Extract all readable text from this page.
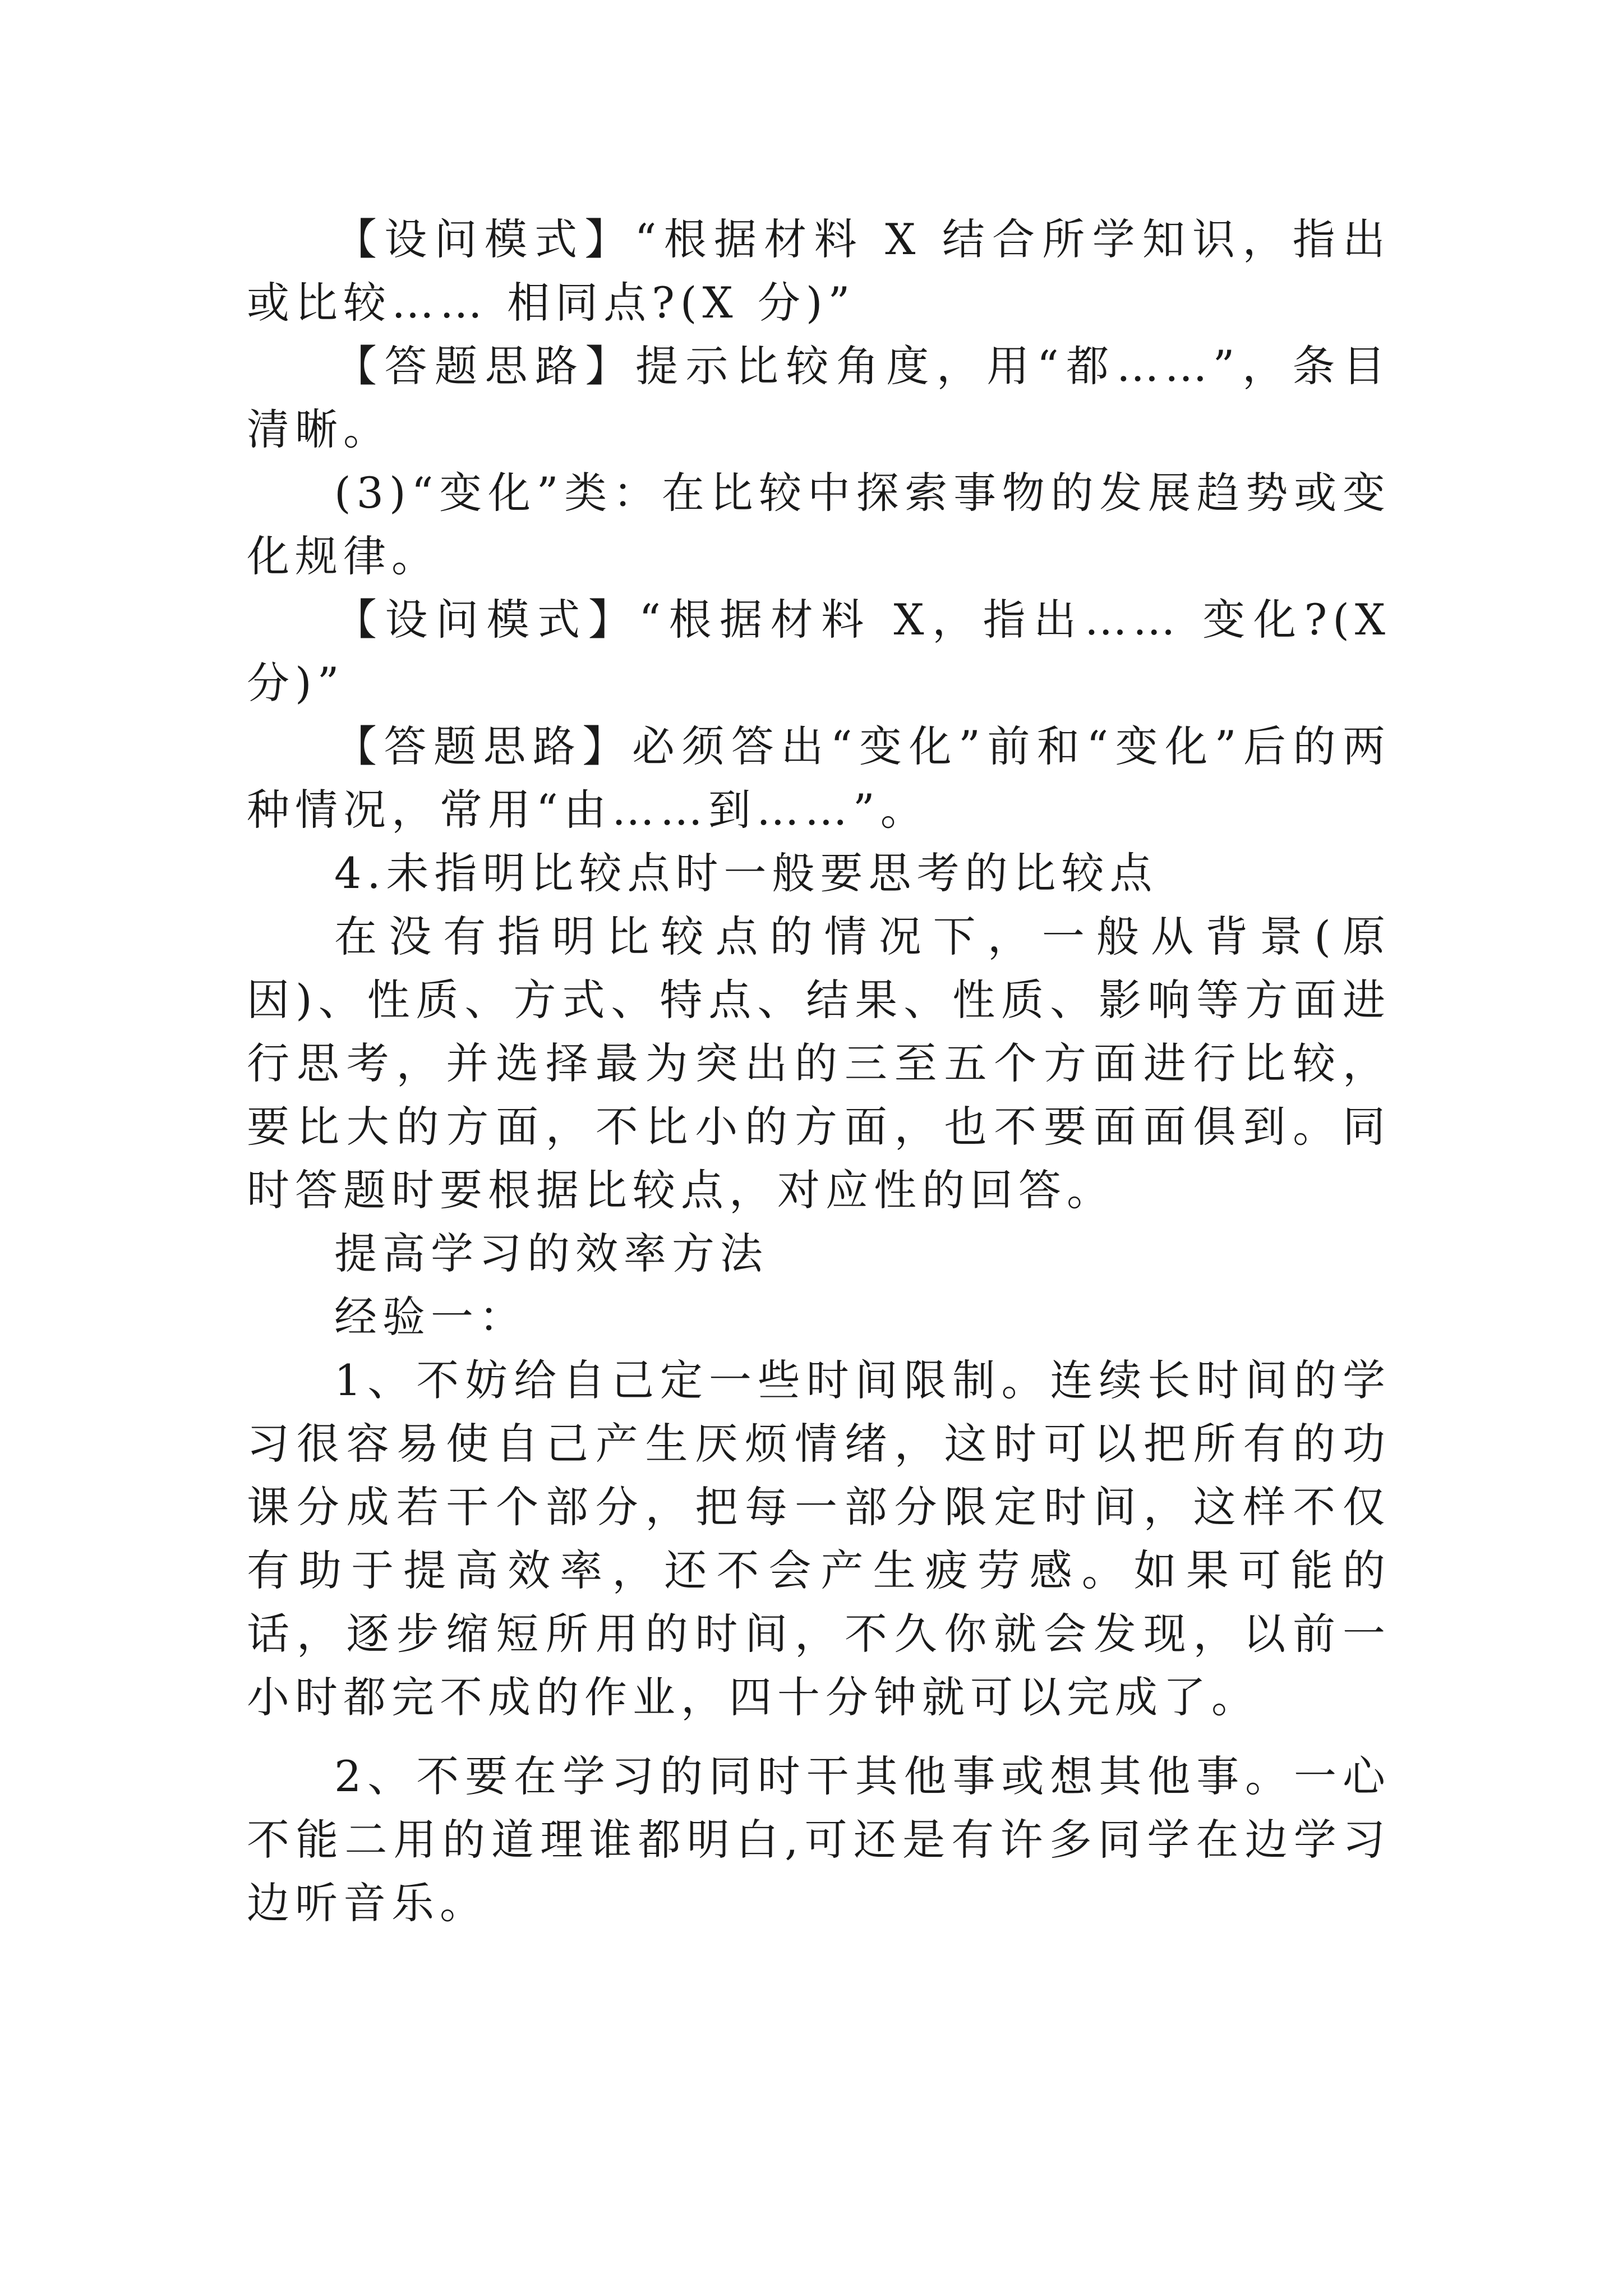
【设问模式】“根据材料 X 结合所学知识，指出或比较…… 相同点?(X 分)”

【答题思路】提示比较角度，用“都……”，条目清晰。

(3)“变化”类：在比较中探索事物的发展趋势或变化规律。

【设问模式】“根据材料 X，指出…… 变化?(X 分)”

【答题思路】必须答出“变化”前和“变化”后的两种情况，常用“由……到……”。

4.未指明比较点时一般要思考的比较点

在没有指明比较点的情况下，一般从背景(原因)、性质、方式、特点、结果、性质、影响等方面进行思考，并选择最为突出的三至五个方面进行比较，要比大的方面，不比小的方面，也不要面面俱到。同时答题时要根据比较点，对应性的回答。

提高学习的效率方法

经验一：

1、不妨给自己定一些时间限制。连续长时间的学习很容易使自己产生厌烦情绪，这时可以把所有的功课分成若干个部分，把每一部分限定时间，这样不仅有助于提高效率，还不会产生疲劳感。如果可能的话，逐步缩短所用的时间，不久你就会发现，以前一小时都完不成的作业，四十分钟就可以完成了。

2、不要在学习的同时干其他事或想其他事。一心不能二用的道理谁都明白,可还是有许多同学在边学习边听音乐。
